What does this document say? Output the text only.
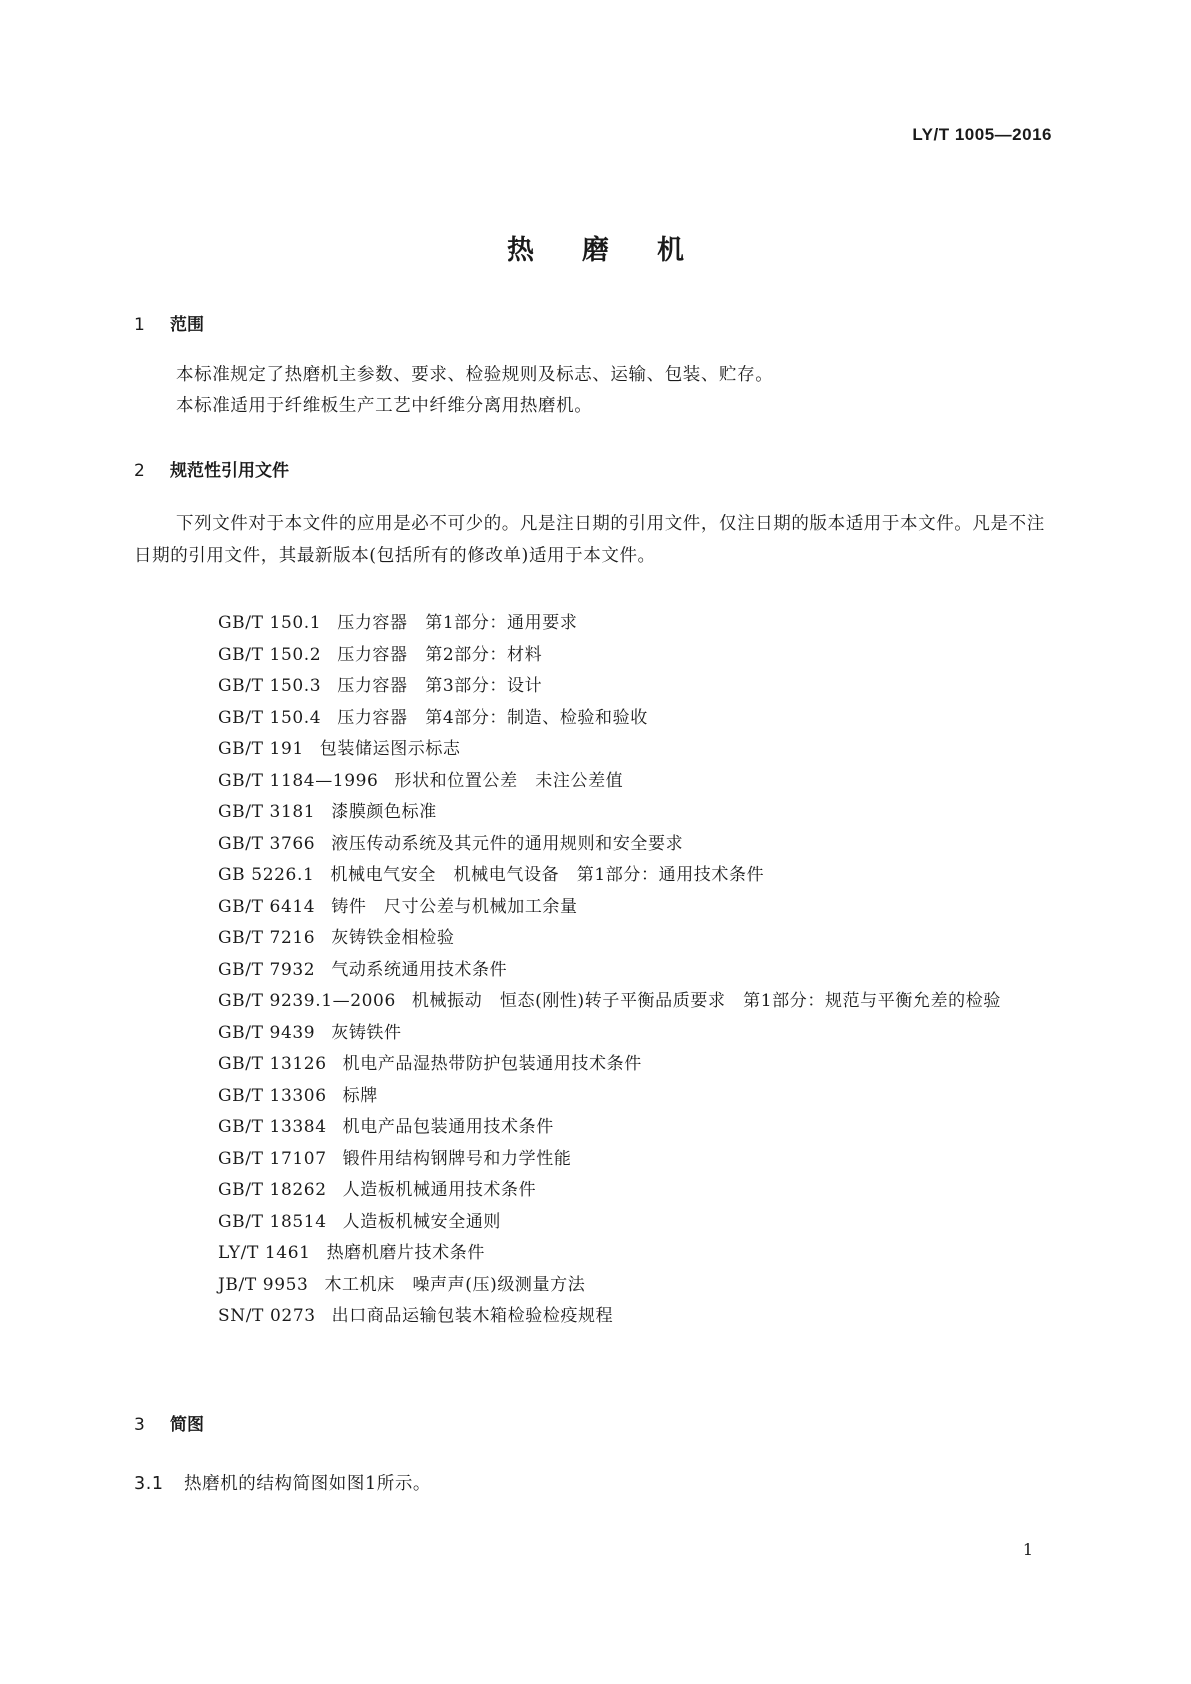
LY/T 1005—2016
热磨机
1 范围

本标准规定了热磨机主参数、要求、检验规则及标志、运输、包装、贮存。

本标准适用于纤维板生产工艺中纤维分离用热磨机。

2 规范性引用文件

下列文件对于本文件的应用是必不可少的。凡是注日期的引用文件，仅注日期的版本适用于本文件。凡是不注日期的引用文件，其最新版本(包括所有的修改单)适用于本文件。

GB/T 150.1 压力容器　第1部分：通用要求
GB/T 150.2 压力容器　第2部分：材料
GB/T 150.3 压力容器　第3部分：设计
GB/T 150.4 压力容器　第4部分：制造、检验和验收
GB/T 191 包装储运图示标志
GB/T 1184—1996 形状和位置公差　未注公差值
GB/T 3181 漆膜颜色标准
GB/T 3766 液压传动系统及其元件的通用规则和安全要求
GB 5226.1 机械电气安全　机械电气设备　第1部分：通用技术条件
GB/T 6414 铸件　尺寸公差与机械加工余量
GB/T 7216 灰铸铁金相检验
GB/T 7932 气动系统通用技术条件
GB/T 9239.1—2006 机械振动　恒态(刚性)转子平衡品质要求　第1部分：规范与平衡允差的检验
GB/T 9439 灰铸铁件
GB/T 13126 机电产品湿热带防护包装通用技术条件
GB/T 13306 标牌
GB/T 13384 机电产品包装通用技术条件
GB/T 17107 锻件用结构钢牌号和力学性能
GB/T 18262 人造板机械通用技术条件
GB/T 18514 人造板机械安全通则
LY/T 1461 热磨机磨片技术条件
JB/T 9953 木工机床　噪声声(压)级测量方法
SN/T 0273 出口商品运输包装木箱检验检疫规程
3 简图
3.1 热磨机的结构简图如图1所示。
1
